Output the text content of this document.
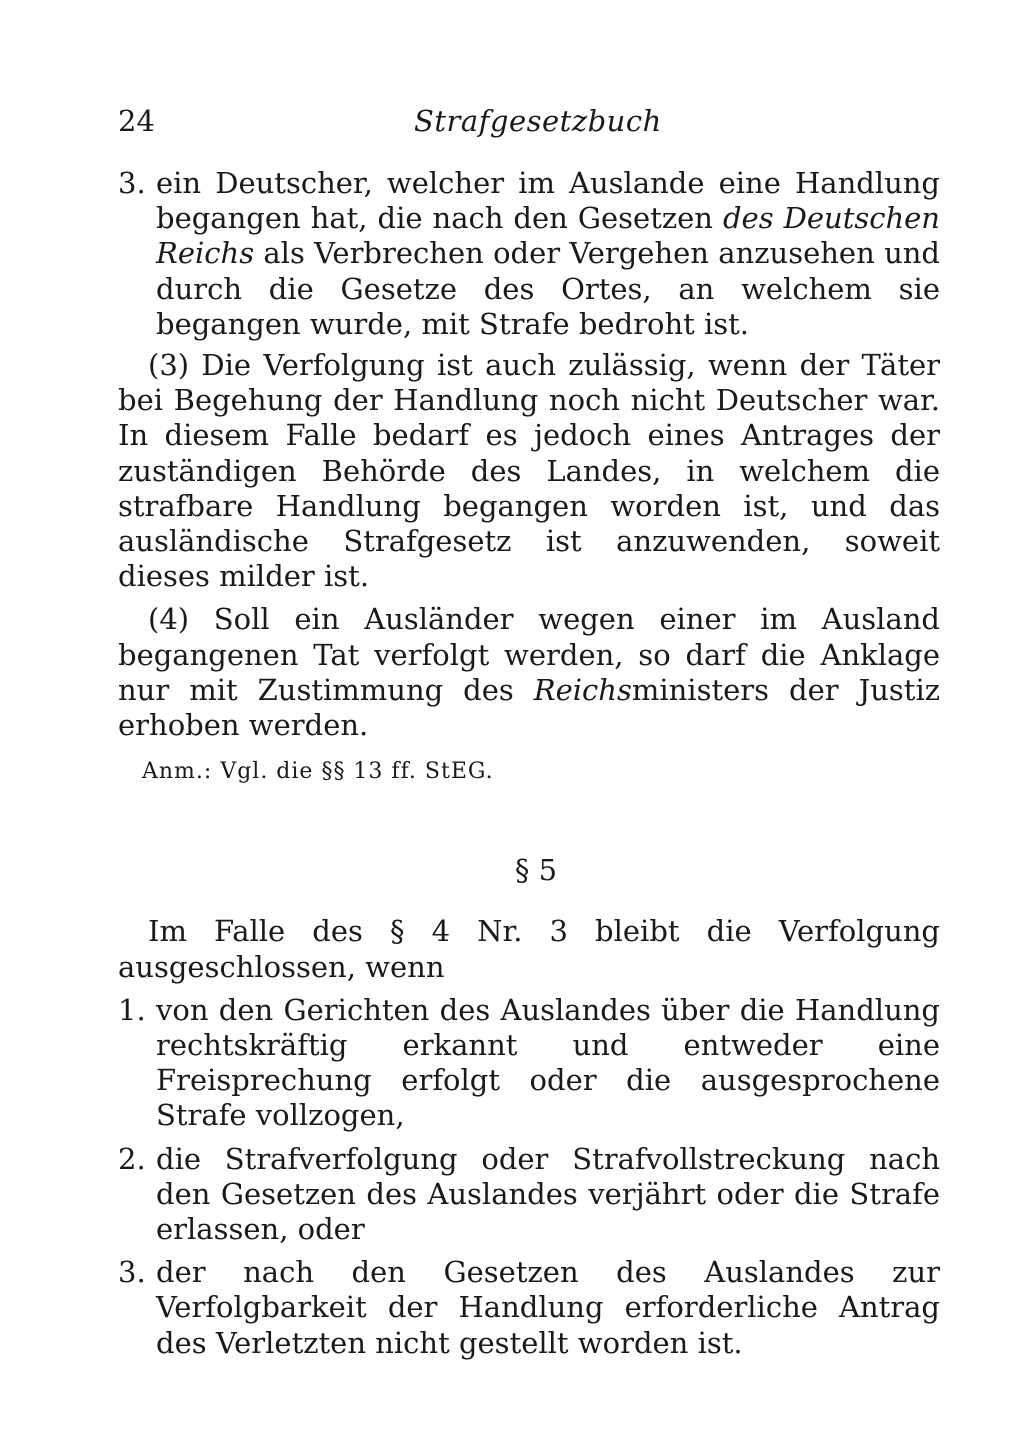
24	Strafgesetzbuch

3. ein Deutscher, welcher im Auslande eine Handlung begangen hat, die nach den Gesetzen des Deutschen Reichs als Verbrechen oder Vergehen anzusehen und durch die Gesetze des Ortes, an welchem sie begangen wurde, mit Strafe bedroht ist.

(3) Die Verfolgung ist auch zulässig, wenn der Täter bei Begehung der Handlung noch nicht Deutscher war. In diesem Falle bedarf es jedoch eines Antrages der zuständigen Behörde des Landes, in welchem die strafbare Handlung begangen worden ist, und das ausländische Strafgesetz ist anzuwenden, soweit dieses milder ist.

(4) Soll ein Ausländer wegen einer im Ausland begangenen Tat verfolgt werden, so darf die Anklage nur mit Zustimmung des Reichsministers der Justiz erhoben werden.

Anm.: Vgl. die §§ 13 ff. StEG.

§ 5

Im Falle des § 4 Nr. 3 bleibt die Verfolgung ausgeschlossen, wenn

1. von den Gerichten des Auslandes über die Handlung rechtskräftig erkannt und entweder eine Freisprechung erfolgt oder die ausgesprochene Strafe vollzogen,

2. die Strafverfolgung oder Strafvollstreckung nach den Gesetzen des Auslandes verjährt oder die Strafe erlassen, oder

3. der nach den Gesetzen des Auslandes zur Verfolgbarkeit der Handlung erforderliche Antrag des Verletzten nicht gestellt worden ist.
